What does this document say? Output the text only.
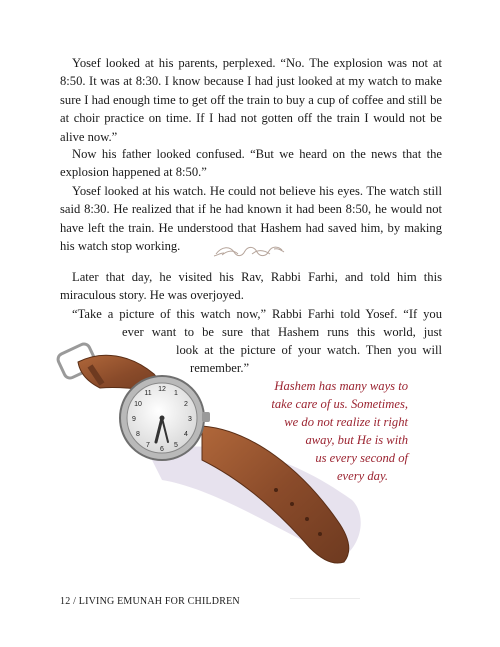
Yosef looked at his parents, perplexed. “No. The explosion was not at 8:50. It was at 8:30. I know because I had just looked at my watch to make sure I had enough time to get off the train to buy a cup of coffee and still be at choir practice on time. If I had not gotten off the train I would not be alive now.”

Now his father looked confused. “But we heard on the news that the explosion happened at 8:50.”

Yosef looked at his watch. He could not believe his eyes. The watch still said 8:30. He realized that if he had known it had been 8:50, he would not have left the train. He understood that Hashem had saved him, by making his watch stop working.

Later that day, he visited his Rav, Rabbi Farhi, and told him this miraculous story. He was overjoyed.

12
1
2
3
4
5
6
7
8
9
10
11

“Take a picture of this watch now,” Rabbi Farhi told Yosef. “If you

ever want to be sure that Hashem runs this world, just

look at the picture of your watch. Then you will

remember.”

Hashem has many ways to

take care of us. Sometimes,

we do not realize it right

away, but He is with

us every second of

every day.

12 / LIVING EMUNAH FOR CHILDREN
